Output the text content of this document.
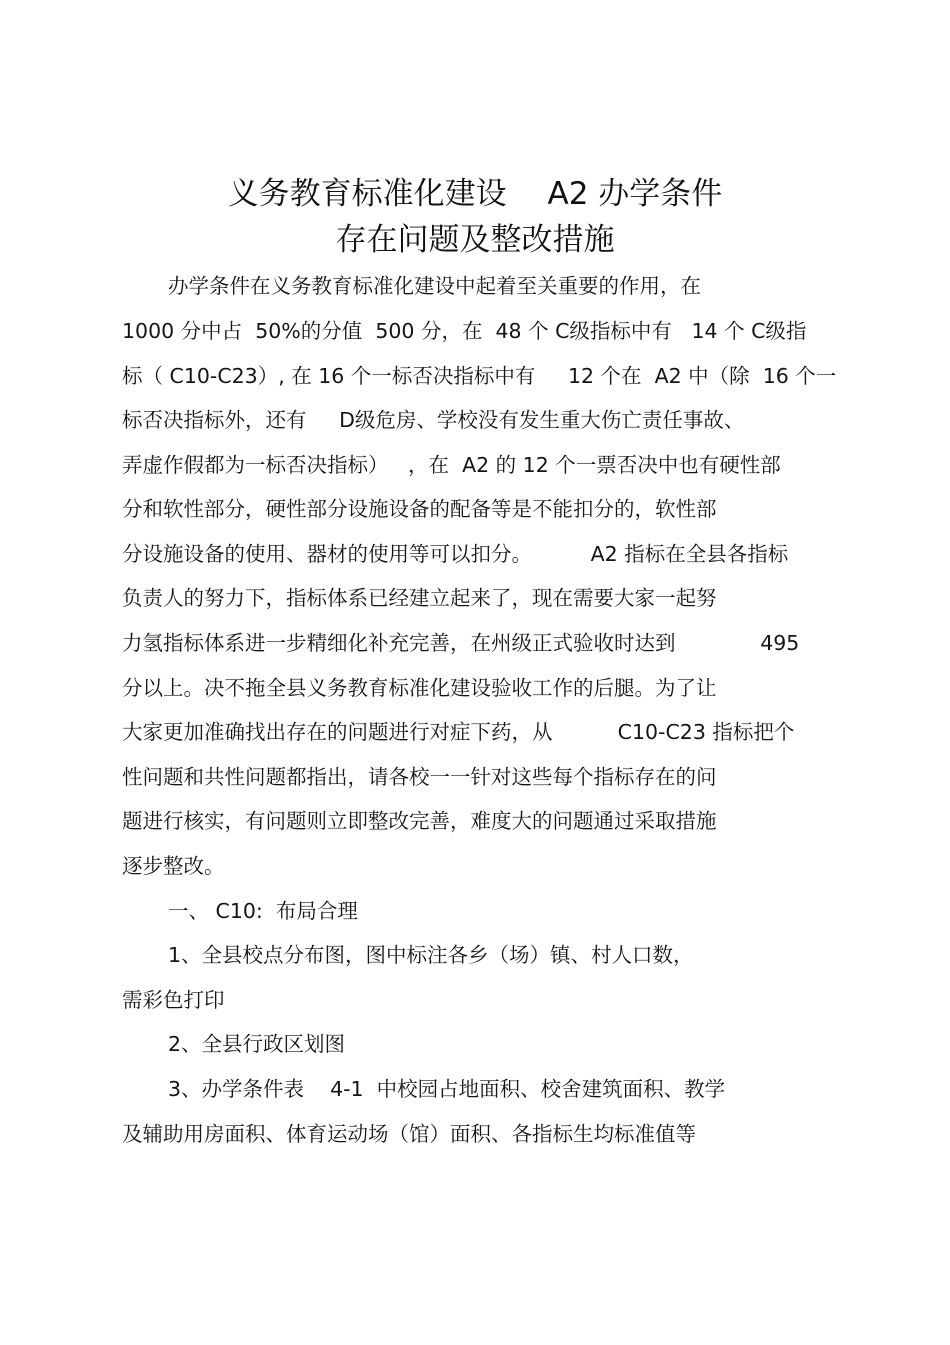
义务教育标准化建设　 A2 办学条件
存在问题及整改措施
办学条件在义务教育标准化建设中起着至关重要的作用，在
1000 分中占  50%的分值  500 分，在  48 个 C级指标中有   14 个 C级指
标（ C10-C23）, 在 16 个一标否决指标中有     12 个在  A2 中（除  16 个一
标否决指标外，还有     D级危房、学校没有发生重大伤亡责任事故、
弄虚作假都为一标否决指标）   ，在  A2 的 12 个一票否决中也有硬性部
分和软性部分，硬性部分设施设备的配备等是不能扣分的，软性部
分设施设备的使用、器材的使用等可以扣分。         A2 指标在全县各指标
负责人的努力下，指标体系已经建立起来了，现在需要大家一起努
力氢指标体系进一步精细化补充完善，在州级正式验收时达到             495
分以上。决不拖全县义务教育标准化建设验收工作的后腿。为了让
大家更加准确找出存在的问题进行对症下药，从          C10-C23 指标把个
性问题和共性问题都指出，请各校一一针对这些每个指标存在的问
题进行核实，有问题则立即整改完善，难度大的问题通过采取措施
逐步整改。
一、 C10:  布局合理
1、全县校点分布图，图中标注各乡（场）镇、村人口数，
需彩色打印
2、全县行政区划图
3、办学条件表    4-1  中校园占地面积、校舍建筑面积、教学
及辅助用房面积、体育运动场（馆）面积、各指标生均标准值等
